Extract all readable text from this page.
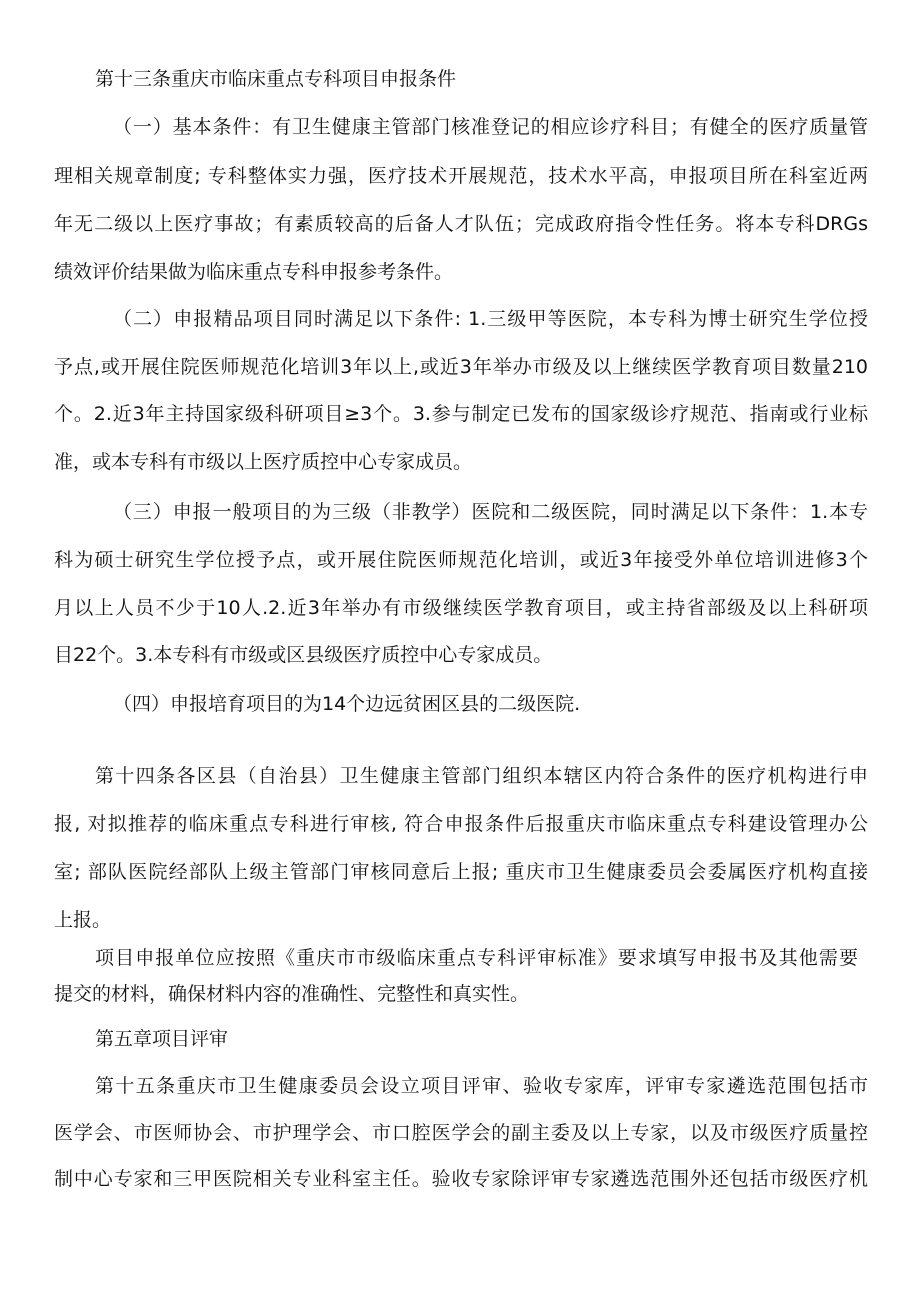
第十三条重庆市临床重点专科项目申报条件
（一）基本条件：有卫生健康主管部门核准登记的相应诊疗科目；有健全的医疗质量管
理相关规章制度; 专科整体实力强，医疗技术开展规范，技术水平高，申报项目所在科室近两
年无二级以上医疗事故；有素质较高的后备人才队伍；完成政府指令性任务。将本专科DRGs
绩效评价结果做为临床重点专科申报参考条件。
（二）申报精品项目同时满足以下条件: 1.三级甲等医院，本专科为博士研究生学位授
予点,或开展住院医师规范化培训3年以上,或近3年举办市级及以上继续医学教育项目数量210
个。2.近3年主持国家级科研项目≥3个。3.参与制定已发布的国家级诊疗规范、指南或行业标
准，或本专科有市级以上医疗质控中心专家成员。
（三）申报一般项目的为三级（非教学）医院和二级医院，同时满足以下条件：1.本专
科为硕士研究生学位授予点，或开展住院医师规范化培训，或近3年接受外单位培训进修3个
月以上人员不少于10人.2.近3年举办有市级继续医学教育项目，或主持省部级及以上科研项
目22个。3.本专科有市级或区县级医疗质控中心专家成员。
（四）申报培育项目的为14个边远贫困区县的二级医院.
第十四条各区县（自治县）卫生健康主管部门组织本辖区内符合条件的医疗机构进行申
报, 对拟推荐的临床重点专科进行审核, 符合申报条件后报重庆市临床重点专科建设管理办公
室; 部队医院经部队上级主管部门审核同意后上报; 重庆市卫生健康委员会委属医疗机构直接
上报。
项目申报单位应按照《重庆市市级临床重点专科评审标准》要求填写申报书及其他需要
提交的材料，确保材料内容的准确性、完整性和真实性。
第五章项目评审
第十五条重庆市卫生健康委员会设立项目评审、验收专家库，评审专家遴选范围包括市
医学会、市医师协会、市护理学会、市口腔医学会的副主委及以上专家，以及市级医疗质量控
制中心专家和三甲医院相关专业科室主任。验收专家除评审专家遴选范围外还包括市级医疗机
